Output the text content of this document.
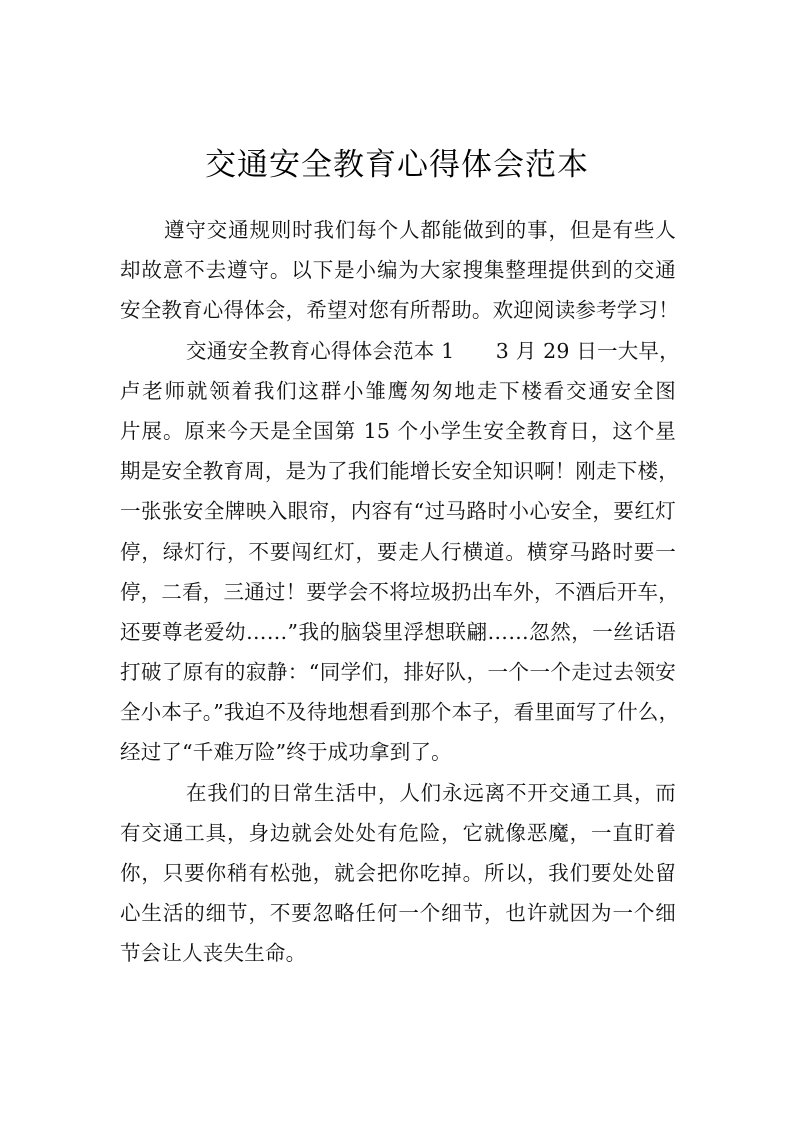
交通安全教育心得体会范本
遵守交通规则时我们每个人都能做到的事，但是有些人
却故意不去遵守。以下是小编为大家搜集整理提供到的交通
安全教育心得体会，希望对您有所帮助。欢迎阅读参考学习！
交通安全教育心得体会范本 1　　3 月 29 日一大早，
卢老师就领着我们这群小雏鹰匆匆地走下楼看交通安全图
片展。原来今天是全国第 15 个小学生安全教育日，这个星
期是安全教育周，是为了我们能增长安全知识啊！刚走下楼，
一张张安全牌映入眼帘，内容有“过马路时小心安全，要红灯
停，绿灯行，不要闯红灯，要走人行横道。横穿马路时要一
停，二看，三通过！要学会不将垃圾扔出车外，不酒后开车，
还要尊老爱幼……”我的脑袋里浮想联翩……忽然，一丝话语
打破了原有的寂静：“同学们，排好队，一个一个走过去领安
全小本子。”我迫不及待地想看到那个本子，看里面写了什么，
经过了“千难万险”终于成功拿到了。
在我们的日常生活中，人们永远离不开交通工具，而
有交通工具，身边就会处处有危险，它就像恶魔，一直盯着
你，只要你稍有松弛，就会把你吃掉。所以，我们要处处留
心生活的细节，不要忽略任何一个细节，也许就因为一个细
节会让人丧失生命。
